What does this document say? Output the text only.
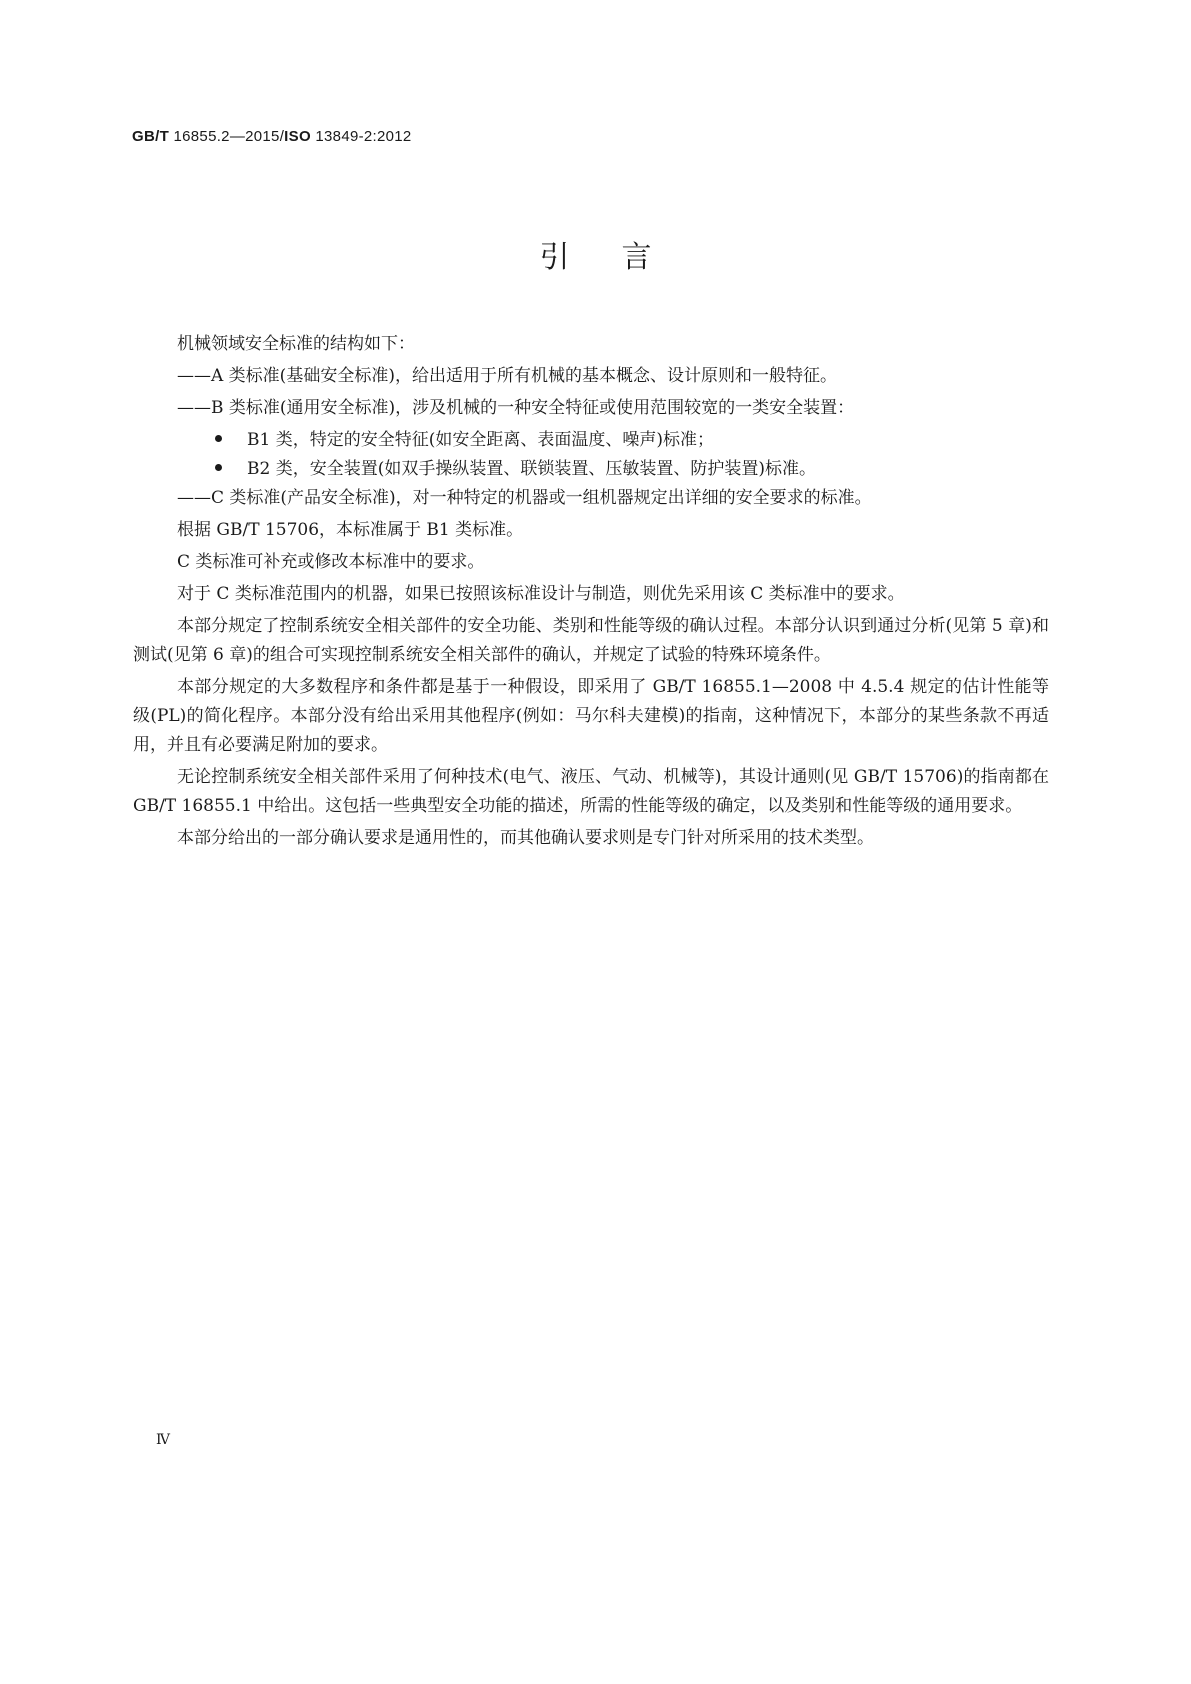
GB/T 16855.2—2015/ISO 13849-2:2012
引言

机械领域安全标准的结构如下：

——A 类标准(基础安全标准)，给出适用于所有机械的基本概念、设计原则和一般特征。

——B 类标准(通用安全标准)，涉及机械的一种安全特征或使用范围较宽的一类安全装置：

B1 类，特定的安全特征(如安全距离、表面温度、噪声)标准；
B2 类，安全装置(如双手操纵装置、联锁装置、压敏装置、防护装置)标准。

——C 类标准(产品安全标准)，对一种特定的机器或一组机器规定出详细的安全要求的标准。

根据 GB/T 15706，本标准属于 B1 类标准。

C 类标准可补充或修改本标准中的要求。

对于 C 类标准范围内的机器，如果已按照该标准设计与制造，则优先采用该 C 类标准中的要求。

本部分规定了控制系统安全相关部件的安全功能、类别和性能等级的确认过程。本部分认识到通过分析(见第 5 章)和测试(见第 6 章)的组合可实现控制系统安全相关部件的确认，并规定了试验的特殊环境条件。

本部分规定的大多数程序和条件都是基于一种假设，即采用了 GB/T 16855.1—2008 中 4.5.4 规定的估计性能等级(PL)的简化程序。本部分没有给出采用其他程序(例如：马尔科夫建模)的指南，这种情况下，本部分的某些条款不再适用，并且有必要满足附加的要求。

无论控制系统安全相关部件采用了何种技术(电气、液压、气动、机械等)，其设计通则(见 GB/T 15706)的指南都在 GB/T 16855.1 中给出。这包括一些典型安全功能的描述，所需的性能等级的确定，以及类别和性能等级的通用要求。

本部分给出的一部分确认要求是通用性的，而其他确认要求则是专门针对所采用的技术类型。

Ⅳ
